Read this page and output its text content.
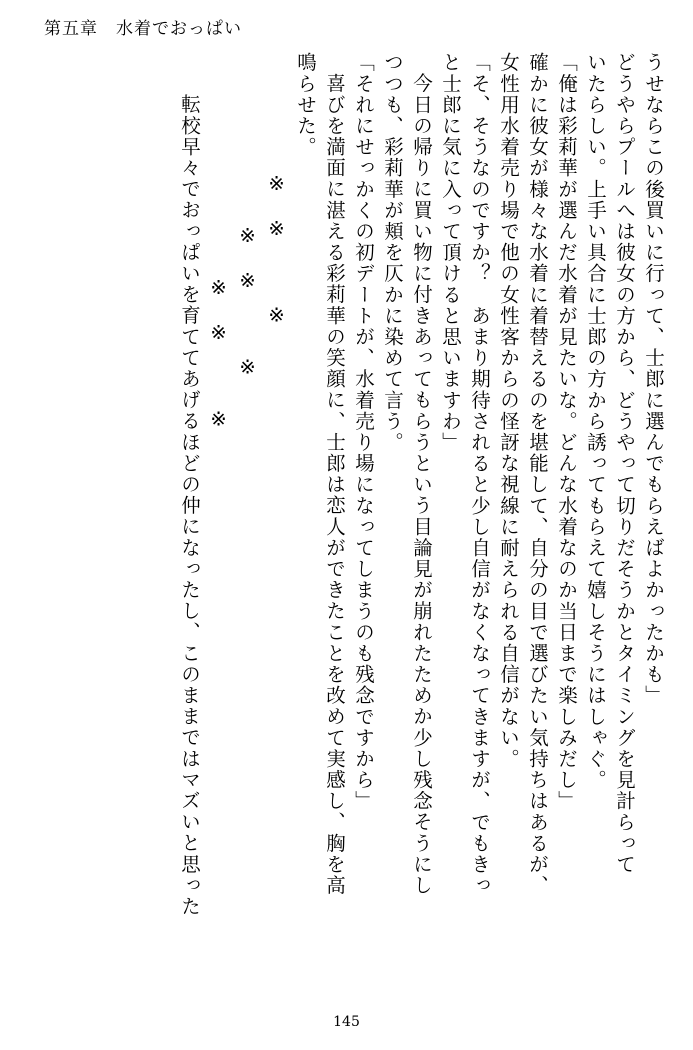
第五章 水着でおっぱい
うせならこの後買いに行って、士郎に選んでもらえばよかったかも」
どうやらプールへは彼女の方から、どうやって切りだそうかとタイミングを見計らって
いたらしい。上手い具合に士郎の方から誘ってもらえて嬉しそうにはしゃぐ。
「俺は彩莉華が選んだ水着が見たいな。どんな水着なのか当日まで楽しみだし」
確かに彼女が様々な水着に着替えるのを堪能して、自分の目で選びたい気持ちはあるが、
女性用水着売り場で他の女性客からの怪訝な視線に耐えられる自信がない。
「そ、そうなのですか？　あまり期待されると少し自信がなくなってきますが、でもきっ
と士郎に気に入って頂けると思いますわ」
今日の帰りに買い物に付きあってもらうという目論見が崩れたためか少し残念そうにし
つつも、彩莉華が頬を仄かに染めて言う。
「それにせっかくの初デートが、水着売り場になってしまうのも残念ですから」
喜びを満面に湛える彩莉華の笑顔に、士郎は恋人ができたことを改めて実感し、胸を高
鳴らせた。
※※　※
※※　※
※※　※
転校早々でおっぱいを育ててあげるほどの仲になったし、このままではマズいと思った
145
